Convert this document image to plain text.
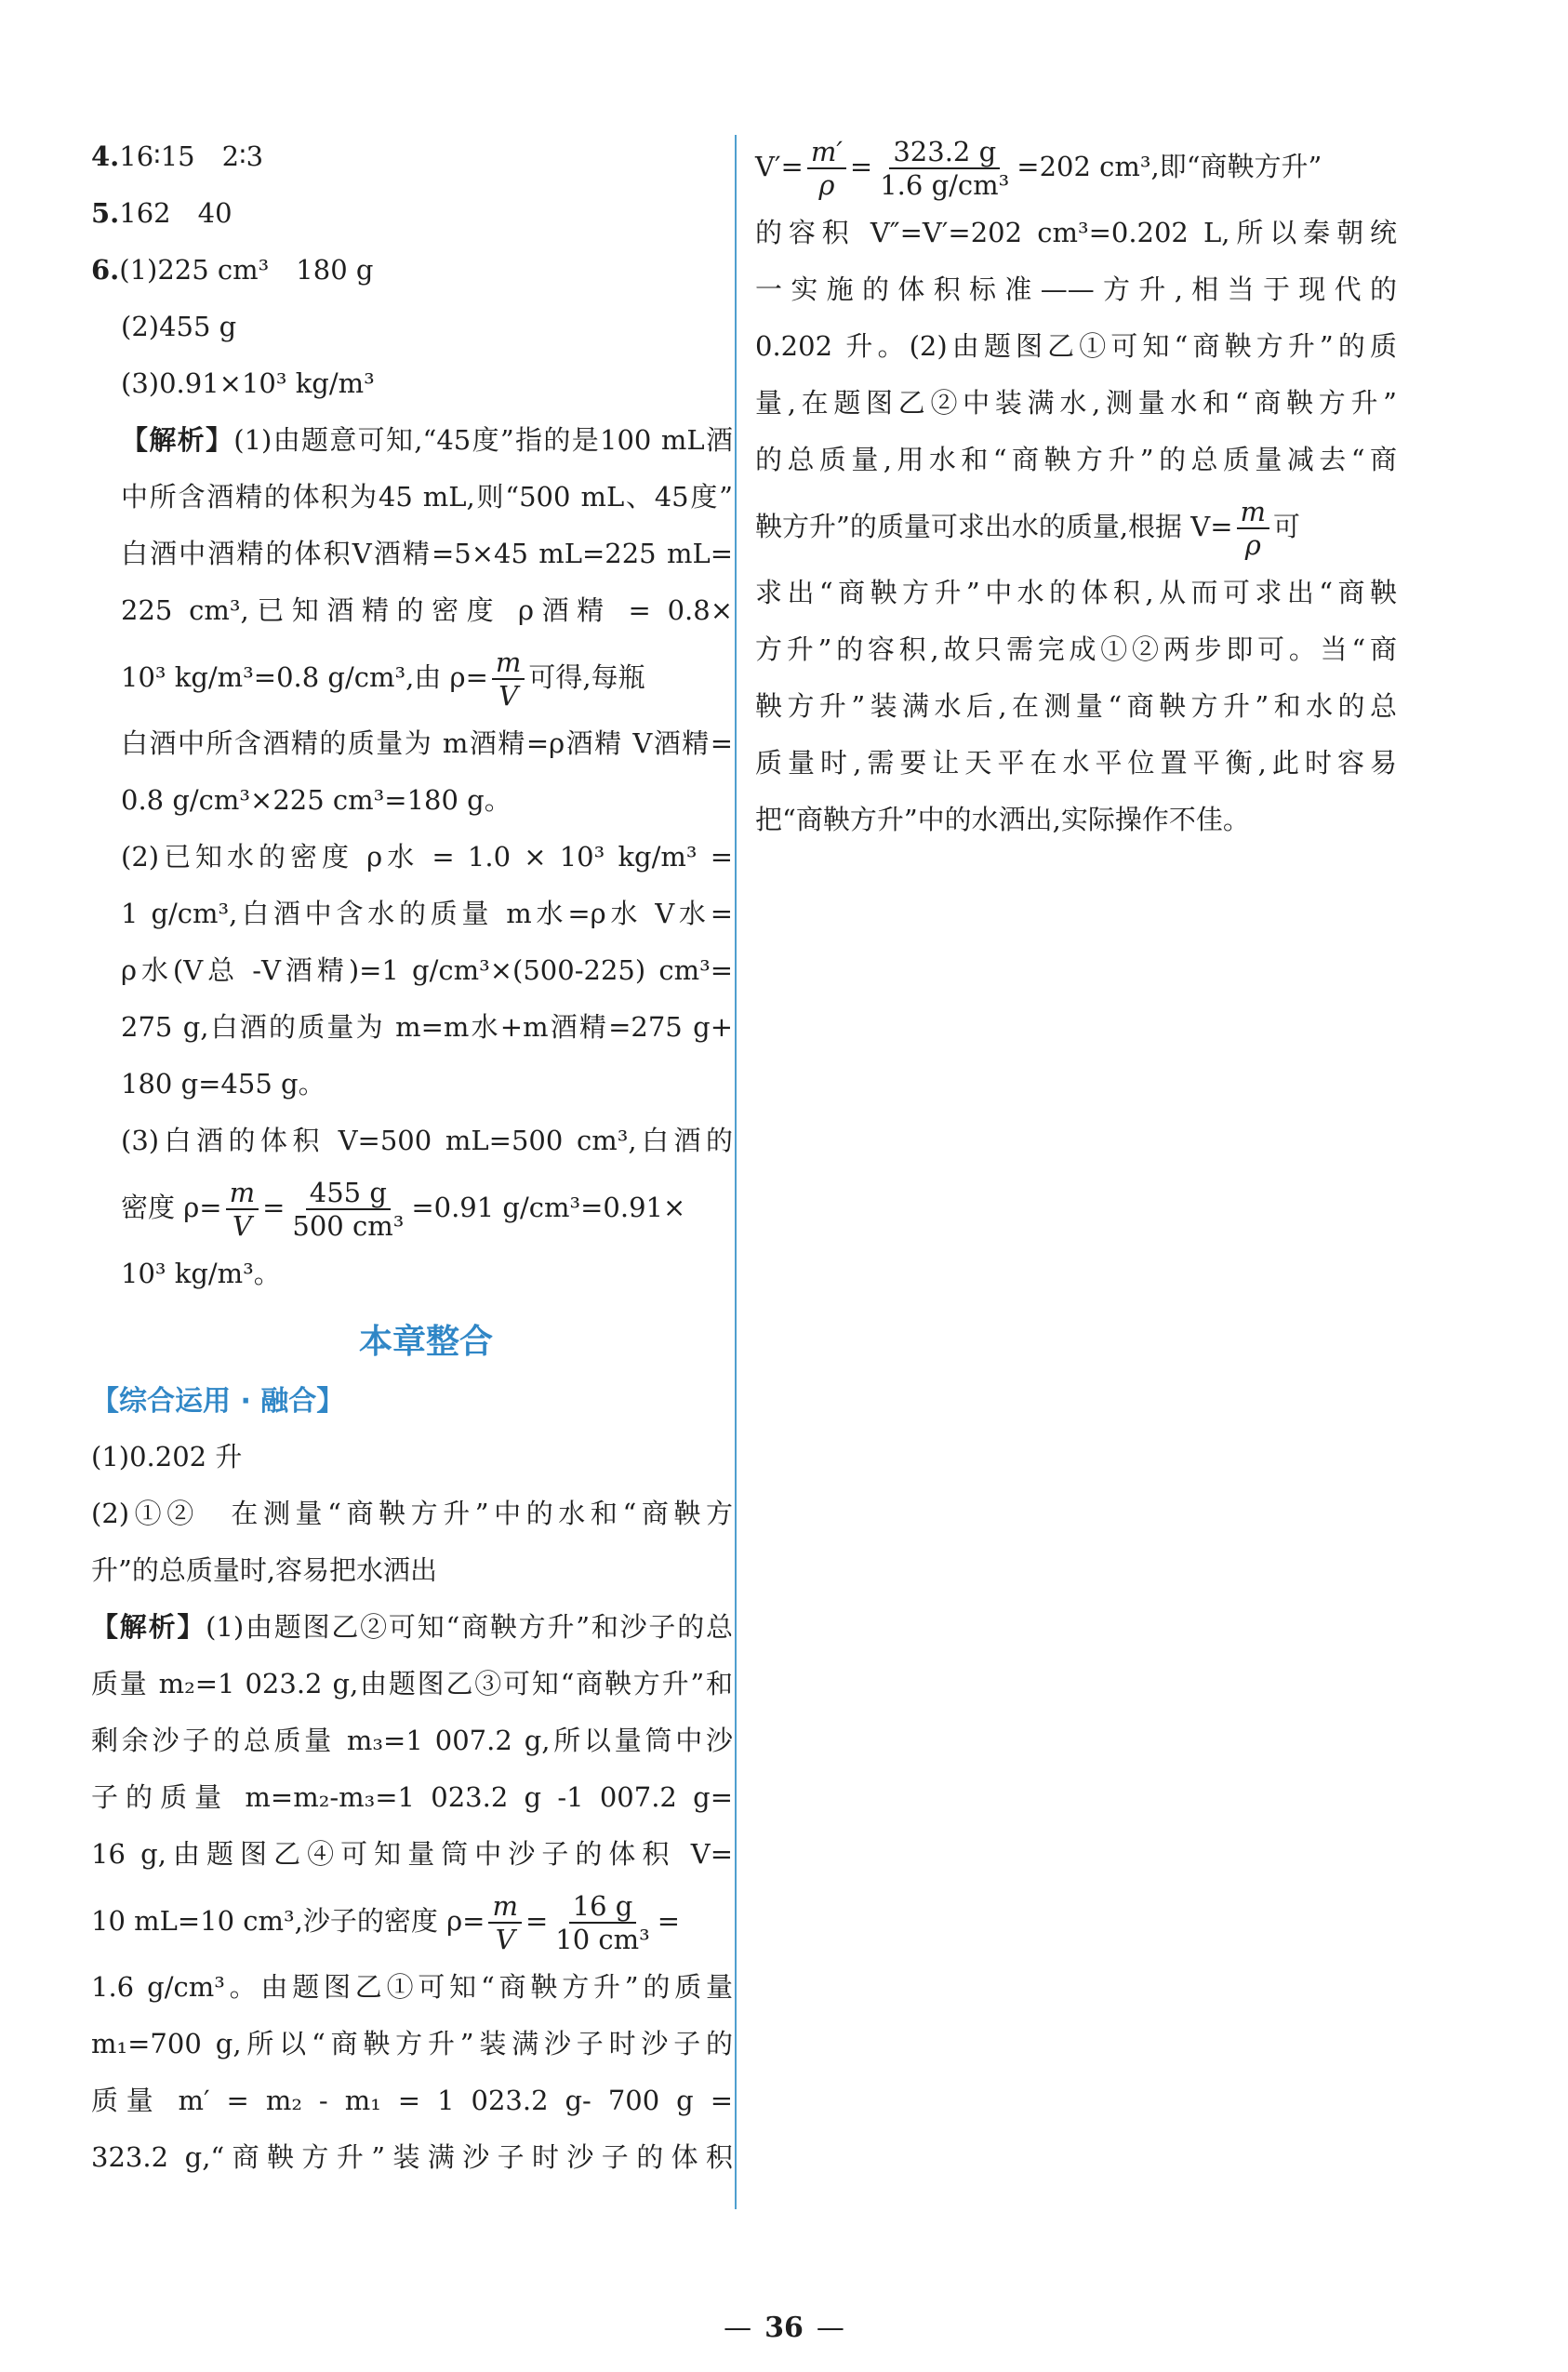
4.16∶15　2∶3
5.162　40
6.(1)225 cm³　180 g
(2)455 g
(3)0.91×10³ kg/m³
【解析】(1)由题意可知,“45度”指的是100 mL酒
中所含酒精的体积为45 mL,则“500 mL、45度”
白酒中酒精的体积V酒精=5×45 mL=225 mL=
225 cm³,已知酒精的密度 ρ酒精 = 0.8×
10³ kg/m³=0.8 g/cm³,由 $\rho= \frac{m}{V}$ 可得,每瓶
白酒中所含酒精的质量为 m酒精=ρ酒精 V酒精=
0.8 g/cm³×225 cm³=180 g。
(2)已知水的密度 ρ水 = 1.0 × 10³ kg/m³ =
1 g/cm³,白酒中含水的质量 m水=ρ水 V水=
ρ水(V总 -V酒精)=1 g/cm³×(500-225) cm³=
275 g,白酒的质量为 m=m水+m酒精=275 g+
180 g=455 g。
(3)白酒的体积 V=500 mL=500 cm³,白酒的
密度 $\rho= \frac{m}{V} = \frac{455 g}{\text{500 cm³}} =0.91$ g/cm³=0.91×
10³ kg/m³。
本章整合
【综合运用 · 融合】
(1)0.202 升
(2)①②　在测量“商鞅方升”中的水和“商鞅方
升”的总质量时,容易把水洒出
【解析】(1)由题图乙②可知“商鞅方升”和沙子的总
质量 m₂=1 023.2 g,由题图乙③可知“商鞅方升”和
剩余沙子的总质量 m₃=1 007.2 g,所以量筒中沙
子的质量 m=m₂-m₃=1 023.2 g -1 007.2 g=
16 g,由题图乙④可知量筒中沙子的体积 V=
10 mL=10 cm³,沙子的密度 $\rho= \frac{m}{V} = \frac{16 g}{\text{10 cm³}}$ =
1.6 g/cm³。由题图乙①可知“商鞅方升”的质量
m₁=700 g,所以“商鞅方升”装满沙子时沙子的
质量 m′ = m₂ - m₁ = 1 023.2 g- 700 g =
323.2 g,“商鞅方升”装满沙子时沙子的体积
$V'= \frac{m'}{\rho} = \frac{323.2 g}{\text{1.6 g/cm³}} =202$ cm³,即“商鞅方升”
的容积 V″=V′=202 cm³=0.202 L,所以秦朝统
一实施的体积标准——方升,相当于现代的
0.202 升。(2)由题图乙①可知“商鞅方升”的质
量,在题图乙②中装满水,测量水和“商鞅方升”
的总质量,用水和“商鞅方升”的总质量减去“商
鞅方升”的质量可求出水的质量,根据 $V= \frac{m}{\rho}$ 可
求出“商鞅方升”中水的体积,从而可求出“商鞅
方升”的容积,故只需完成①②两步即可。当“商
鞅方升”装满水后,在测量“商鞅方升”和水的总
质量时,需要让天平在水平位置平衡,此时容易
把“商鞅方升”中的水洒出,实际操作不佳。
— 36 —
